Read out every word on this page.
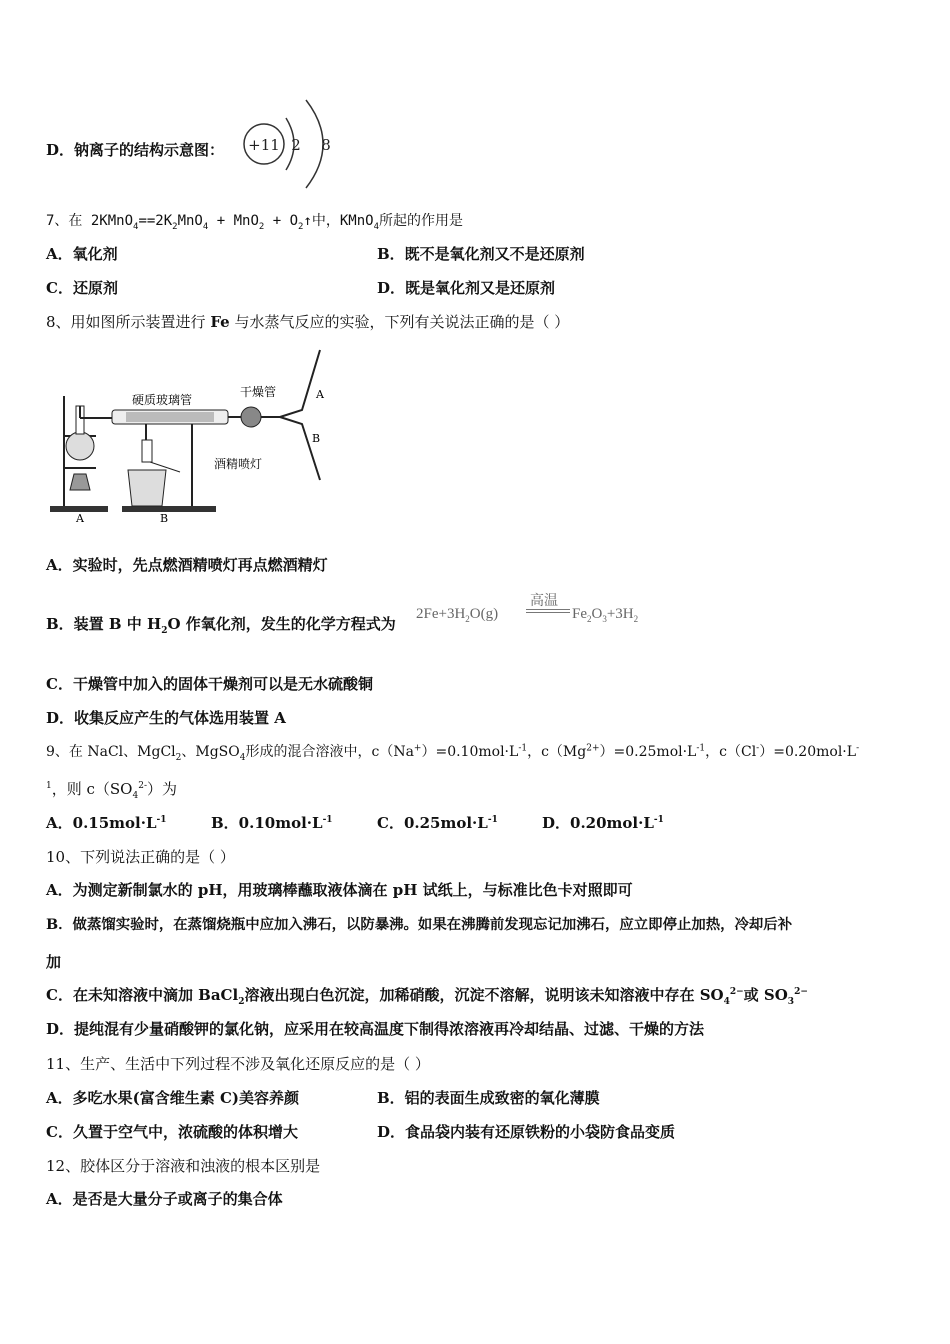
D．钠离子的结构示意图： +11 2 8
7、在 $2KMnO_4==2K_2MnO_4 + MnO_2$ + $O_2↑$中，KMnO$_4$所起的作用是
A．氧化剂	B．既不是氧化剂又不是还原剂
C．还原剂	D．既是氧化剂又是还原剂
8、用如图所示装置进行 Fe 与水蒸气反应的实验，下列有关说法正确的是（ ）
A
硬质玻璃管
B
酒精喷灯
干燥管	A
B
A．实验时，先点燃酒精喷灯再点燃酒精灯
B．装置 B 中 $H_2O$ 作氧化剂，发生的化学方程式为
高温
$2Fe+3H_2O(g)$	$Fe_2O_3+3H_2$
C．干燥管中加入的固体干燥剂可以是无水硫酸铜
D．收集反应产生的气体选用装置 A
9、在 NaCl、MgCl$_2$、MgSO$_4$形成的混合溶液中，$c(Na^+)=0.10mol\cdot L^{-1}$，$c(Mg^{2+})=0.25mol\cdot L^{-1}$，c（Cl-）=0.20mol·L-
$^1$，则 $c(SO_4^{2-})$为
A．$0.15mol\cdot L^{-1}$	B．$0.10mol\cdot L^{-1}$	C．$0.25mol\cdot L^{-1}$	D．$0.20mol\cdot L^{-1}$
10、下列说法正确的是（ ）
A．为测定新制氯水的 pH，用玻璃棒蘸取液体滴在 pH 试纸上，与标准比色卡对照即可
B．做蒸馏实验时，在蒸馏烧瓶中应加入沸石，以防暴沸。如果在沸腾前发现忘记加沸石，应立即停止加热，冷却后补
加
C．在未知溶液中滴加 BaCl$_2$溶液出现白色沉淀，加稀硝酸，沉淀不溶解，说明该未知溶液中存在 $SO_4^{2-}$或 $SO_3^{2-}$
D．提纯混有少量硝酸钾的氯化钠，应采用在较高温度下制得浓溶液再冷却结晶、过滤、干燥的方法
11、生产、生活中下列过程不涉及氧化还原反应的是（ ）
A．多吃水果(富含维生素 C)美容养颜	B．铝的表面生成致密的氧化薄膜
C．久置于空气中，浓硫酸的体积增大	D．食品袋内装有还原铁粉的小袋防食品变质
12、胶体区分于溶液和浊液的根本区别是
A．是否是大量分子或离子的集合体
